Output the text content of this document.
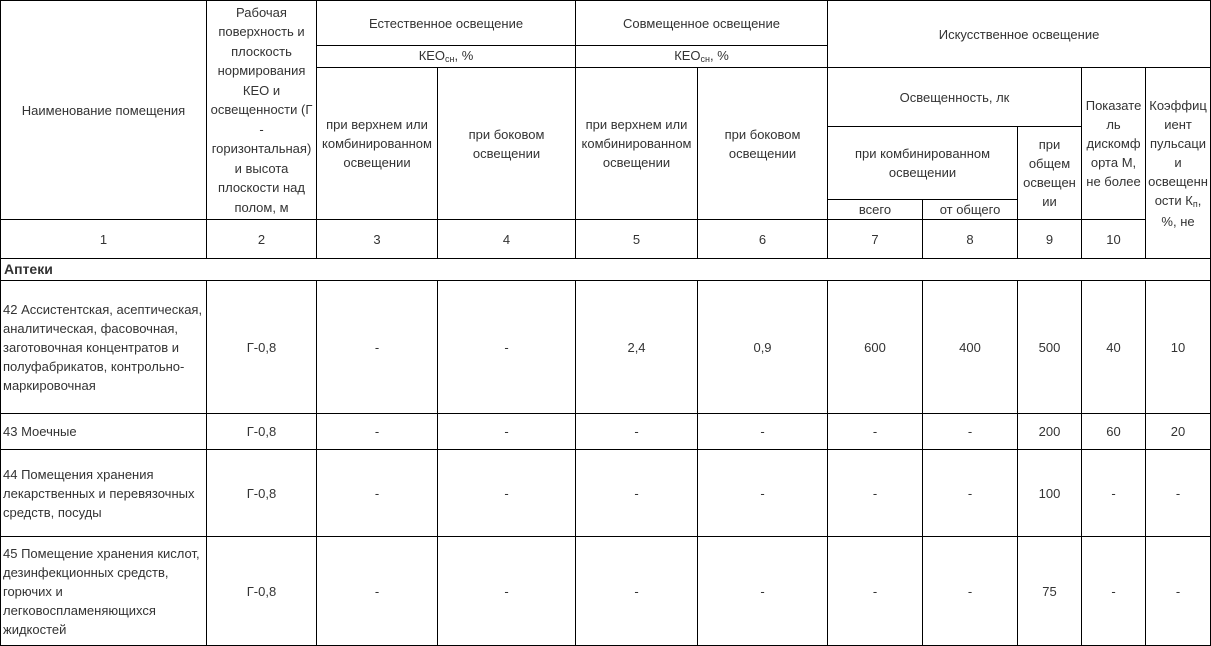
Наименование помещения	Рабочая поверхность и плоскость нормирования КЕО и освещенности (Г - горизонтальная) и высота плоскости над полом, м	Естественное освещение		Совмещенное освещение		Искусственное освещение					
		КЕОсн, %		КЕОсн, %							
		при верхнем или комбинированном освещении	при боковом освещении	при верхнем или комбинированном освещении	при боковом освещении	Освещенность, лк			Показатель дискомфорта М, не более	Коэффициент пульсации освещенности Кп, %, не	
						при комбинированном освещении		при общем освещении			
						всего	от общего				
1	2	3	4	5	6	7	8	9	10	
Аптеки											
42 Ассистентская, асептическая, аналитическая, фасовочная, заготовочная концентратов и полуфабрикатов, контрольно-маркировочная	Г-0,8	-	-	2,4	0,9	600	400	500	40	10	
43 Моечные	Г-0,8	-	-	-	-	-	-	200	60	20	
44 Помещения хранения лекарственных и перевязочных средств, посуды	Г-0,8	-	-	-	-	-	-	100	-	-	
45 Помещение хранения кислот, дезинфекционных средств, горючих и легковоспламеняющихся жидкостей	Г-0,8	-	-	-	-	-	-	75	-	-	
